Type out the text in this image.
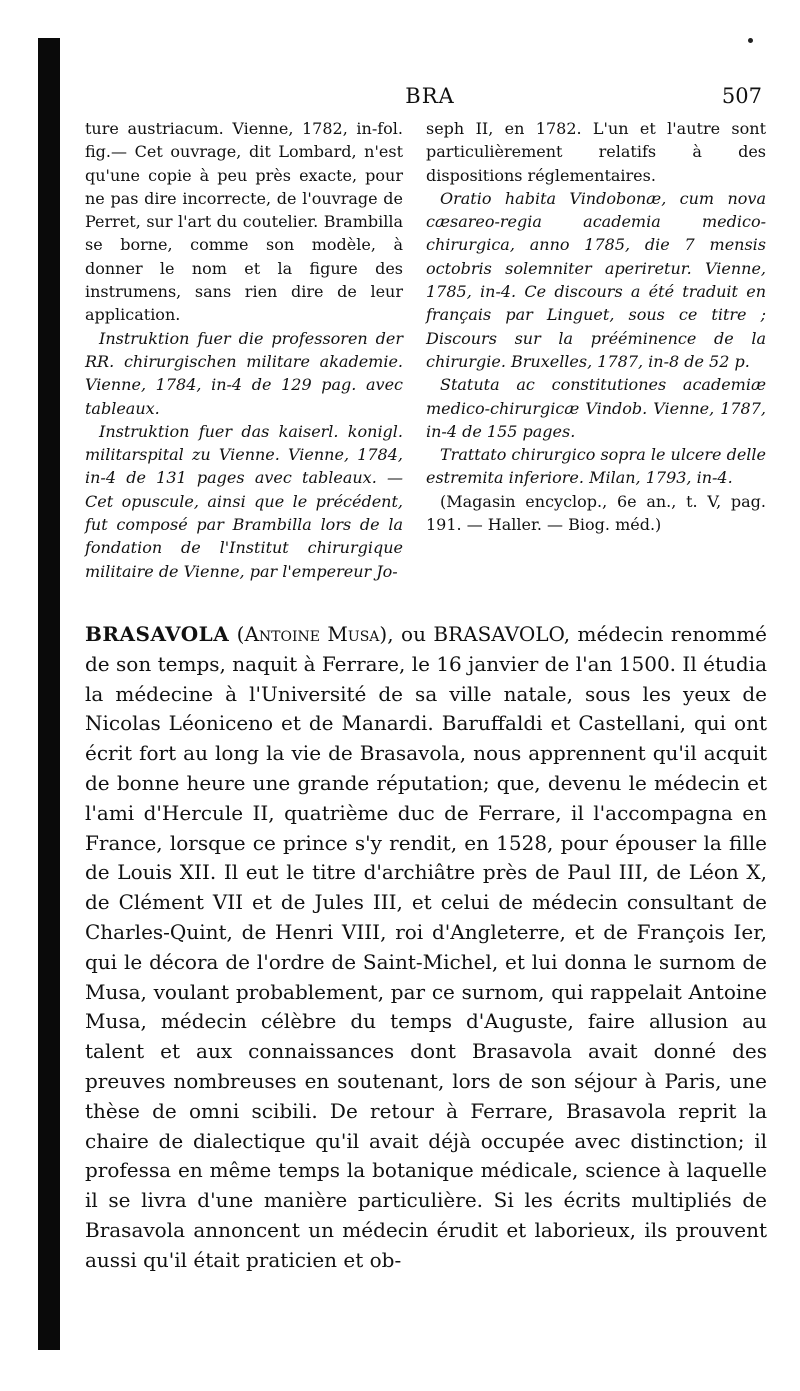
BRA	507

ture austriacum. Vienne, 1782, in-fol. fig.— Cet ouvrage, dit Lombard, n'est qu'une copie à peu près exacte, pour ne pas dire incorrecte, de l'ouvrage de Perret, sur l'art du coutelier. Brambilla se borne, comme son modèle, à donner le nom et la figure des instrumens, sans rien dire de leur application.

Instruktion fuer die professoren der RR. chirurgischen militare akademie. Vienne, 1784, in-4 de 129 pag. avec tableaux.

Instruktion fuer das kaiserl. konigl. militarspital zu Vienne. Vienne, 1784, in-4 de 131 pages avec tableaux. — Cet opuscule, ainsi que le précédent, fut composé par Brambilla lors de la fondation de l'Institut chirurgique militaire de Vienne, par l'empereur Jo-

seph II, en 1782. L'un et l'autre sont particulièrement relatifs à des dispositions réglementaires.

Oratio habita Vindobonæ, cum nova cæsareo-regia academia medico-chirurgica, anno 1785, die 7 mensis octobris solemniter aperiretur. Vienne, 1785, in-4. Ce discours a été traduit en français par Linguet, sous ce titre ; Discours sur la prééminence de la chirurgie. Bruxelles, 1787, in-8 de 52 p.

Statuta ac constitutiones academiæ medico-chirurgicæ Vindob. Vienne, 1787, in-4 de 155 pages.

Trattato chirurgico sopra le ulcere delle estremita inferiore. Milan, 1793, in-4.

(Magasin encyclop., 6e an., t. V, pag. 191. — Haller. — Biog. méd.)

BRASAVOLA (Antoine Musa), ou BRASAVOLO, médecin renommé de son temps, naquit à Ferrare, le 16 janvier de l'an 1500. Il étudia la médecine à l'Université de sa ville natale, sous les yeux de Nicolas Léoniceno et de Manardi. Baruffaldi et Castellani, qui ont écrit fort au long la vie de Brasavola, nous apprennent qu'il acquit de bonne heure une grande réputation; que, devenu le médecin et l'ami d'Hercule II, quatrième duc de Ferrare, il l'accompagna en France, lorsque ce prince s'y rendit, en 1528, pour épouser la fille de Louis XII. Il eut le titre d'archiâtre près de Paul III, de Léon X, de Clément VII et de Jules III, et celui de médecin consultant de Charles-Quint, de Henri VIII, roi d'Angleterre, et de François Ier, qui le décora de l'ordre de Saint-Michel, et lui donna le surnom de Musa, voulant probablement, par ce surnom, qui rappelait Antoine Musa, médecin célèbre du temps d'Auguste, faire allusion au talent et aux connaissances dont Brasavola avait donné des preuves nombreuses en soutenant, lors de son séjour à Paris, une thèse de omni scibili. De retour à Ferrare, Brasavola reprit la chaire de dialectique qu'il avait déjà occupée avec distinction; il professa en même temps la botanique médicale, science à laquelle il se livra d'une manière particulière. Si les écrits multipliés de Brasavola annoncent un médecin érudit et laborieux, ils prouvent aussi qu'il était praticien et ob-
